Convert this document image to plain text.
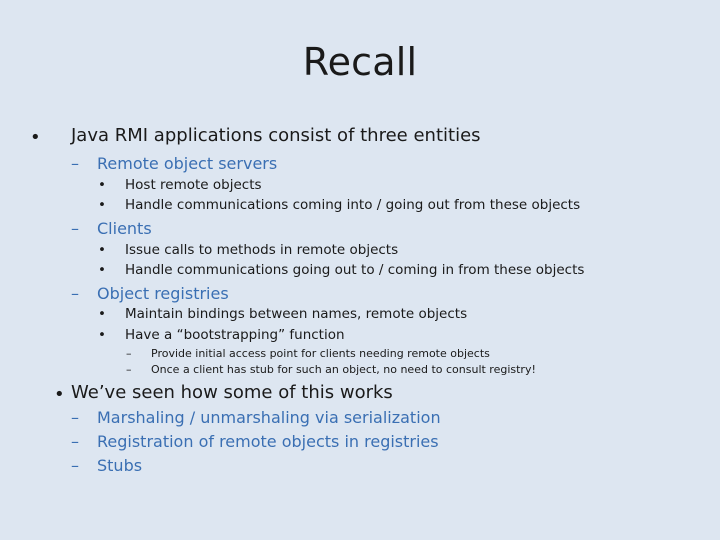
Recall
• Java RMI applications consist of three entities
– Remote object servers
• Host remote objects
• Handle communications coming into / going out from these objects
– Clients
• Issue calls to methods in remote objects
• Handle communications going out to / coming in from these objects
– Object registries
• Maintain bindings between names, remote objects
• Have a “bootstrapping” function
– Provide initial access point for clients needing remote objects
– Once a client has stub for such an object, no need to consult registry!
• We’ve seen how some of this works
– Marshaling / unmarshaling via serialization
– Registration of remote objects in registries
– Stubs
